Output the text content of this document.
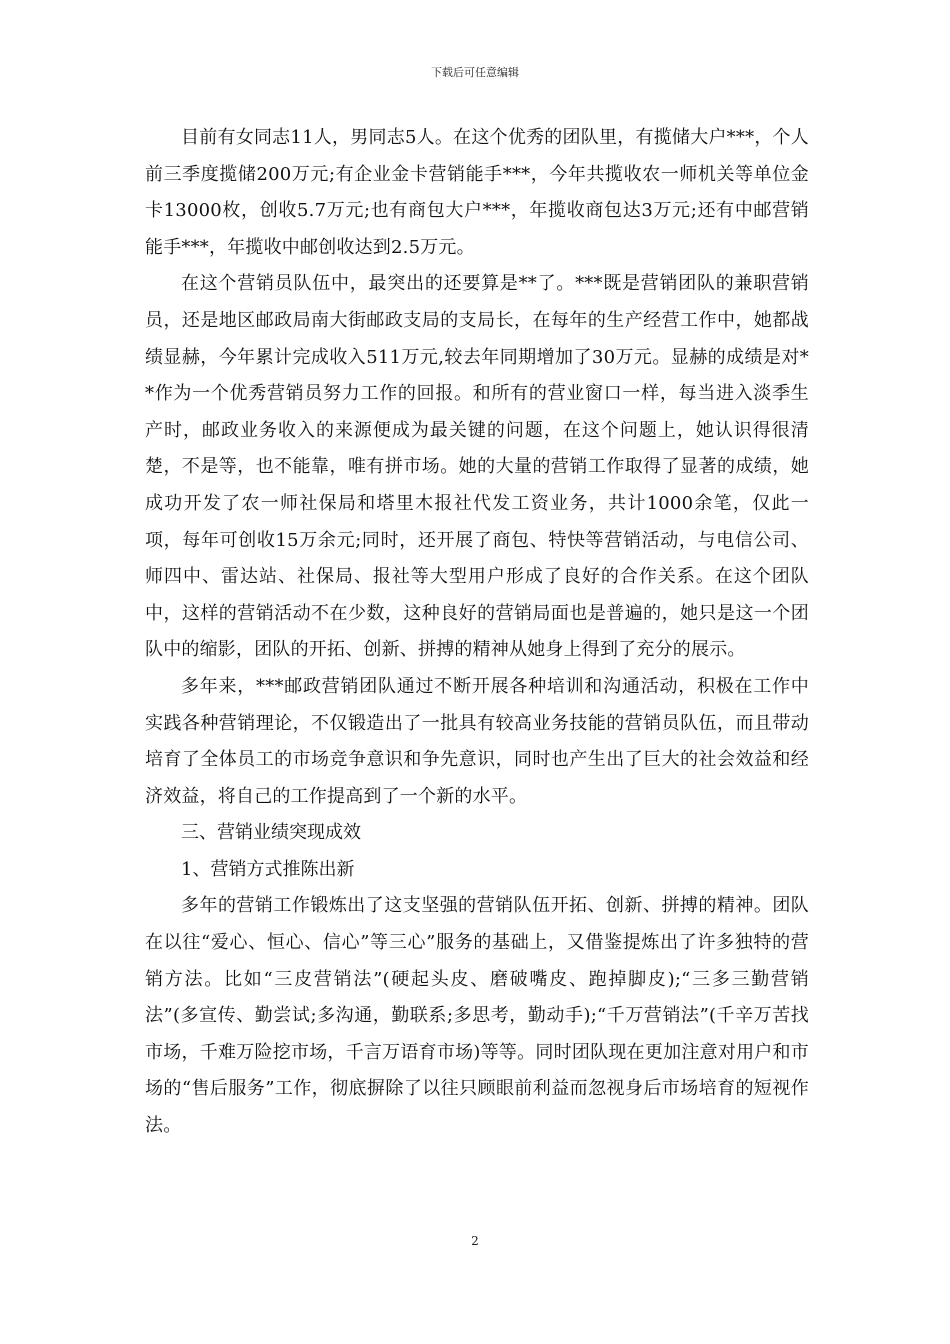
下载后可任意编辑

目前有女同志11人，男同志5人。在这个优秀的团队里，有揽储大户***，个人前三季度揽储200万元;有企业金卡营销能手***，今年共揽收农一师机关等单位金卡13000枚，创收5.7万元;也有商包大户***，年揽收商包达3万元;还有中邮营销能手***，年揽收中邮创收达到2.5万元。

在这个营销员队伍中，最突出的还要算是**了。***既是营销团队的兼职营销员，还是地区邮政局南大街邮政支局的支局长，在每年的生产经营工作中，她都战绩显赫，今年累计完成收入511万元,较去年同期增加了30万元。显赫的成绩是对**作为一个优秀营销员努力工作的回报。和所有的营业窗口一样，每当进入淡季生产时，邮政业务收入的来源便成为最关键的问题，在这个问题上，她认识得很清楚，不是等，也不能靠，唯有拼市场。她的大量的营销工作取得了显著的成绩，她成功开发了农一师社保局和塔里木报社代发工资业务，共计1000余笔，仅此一项，每年可创收15万余元;同时，还开展了商包、特快等营销活动，与电信公司、师四中、雷达站、社保局、报社等大型用户形成了良好的合作关系。在这个团队中，这样的营销活动不在少数，这种良好的营销局面也是普遍的，她只是这一个团队中的缩影，团队的开拓、创新、拼搏的精神从她身上得到了充分的展示。

多年来，***邮政营销团队通过不断开展各种培训和沟通活动，积极在工作中实践各种营销理论，不仅锻造出了一批具有较高业务技能的营销员队伍，而且带动培育了全体员工的市场竞争意识和争先意识，同时也产生出了巨大的社会效益和经济效益，将自己的工作提高到了一个新的水平。

三、营销业绩突现成效

1、营销方式推陈出新

多年的营销工作锻炼出了这支坚强的营销队伍开拓、创新、拼搏的精神。团队在以往“爱心、恒心、信心”等三心”服务的基础上，又借鉴提炼出了许多独特的营销方法。比如“三皮营销法”(硬起头皮、磨破嘴皮、跑掉脚皮);“三多三勤营销法”(多宣传、勤尝试;多沟通，勤联系;多思考，勤动手);“千万营销法”(千辛万苦找市场，千难万险挖市场，千言万语育市场)等等。同时团队现在更加注意对用户和市场的“售后服务”工作，彻底摒除了以往只顾眼前利益而忽视身后市场培育的短视作法。

2
